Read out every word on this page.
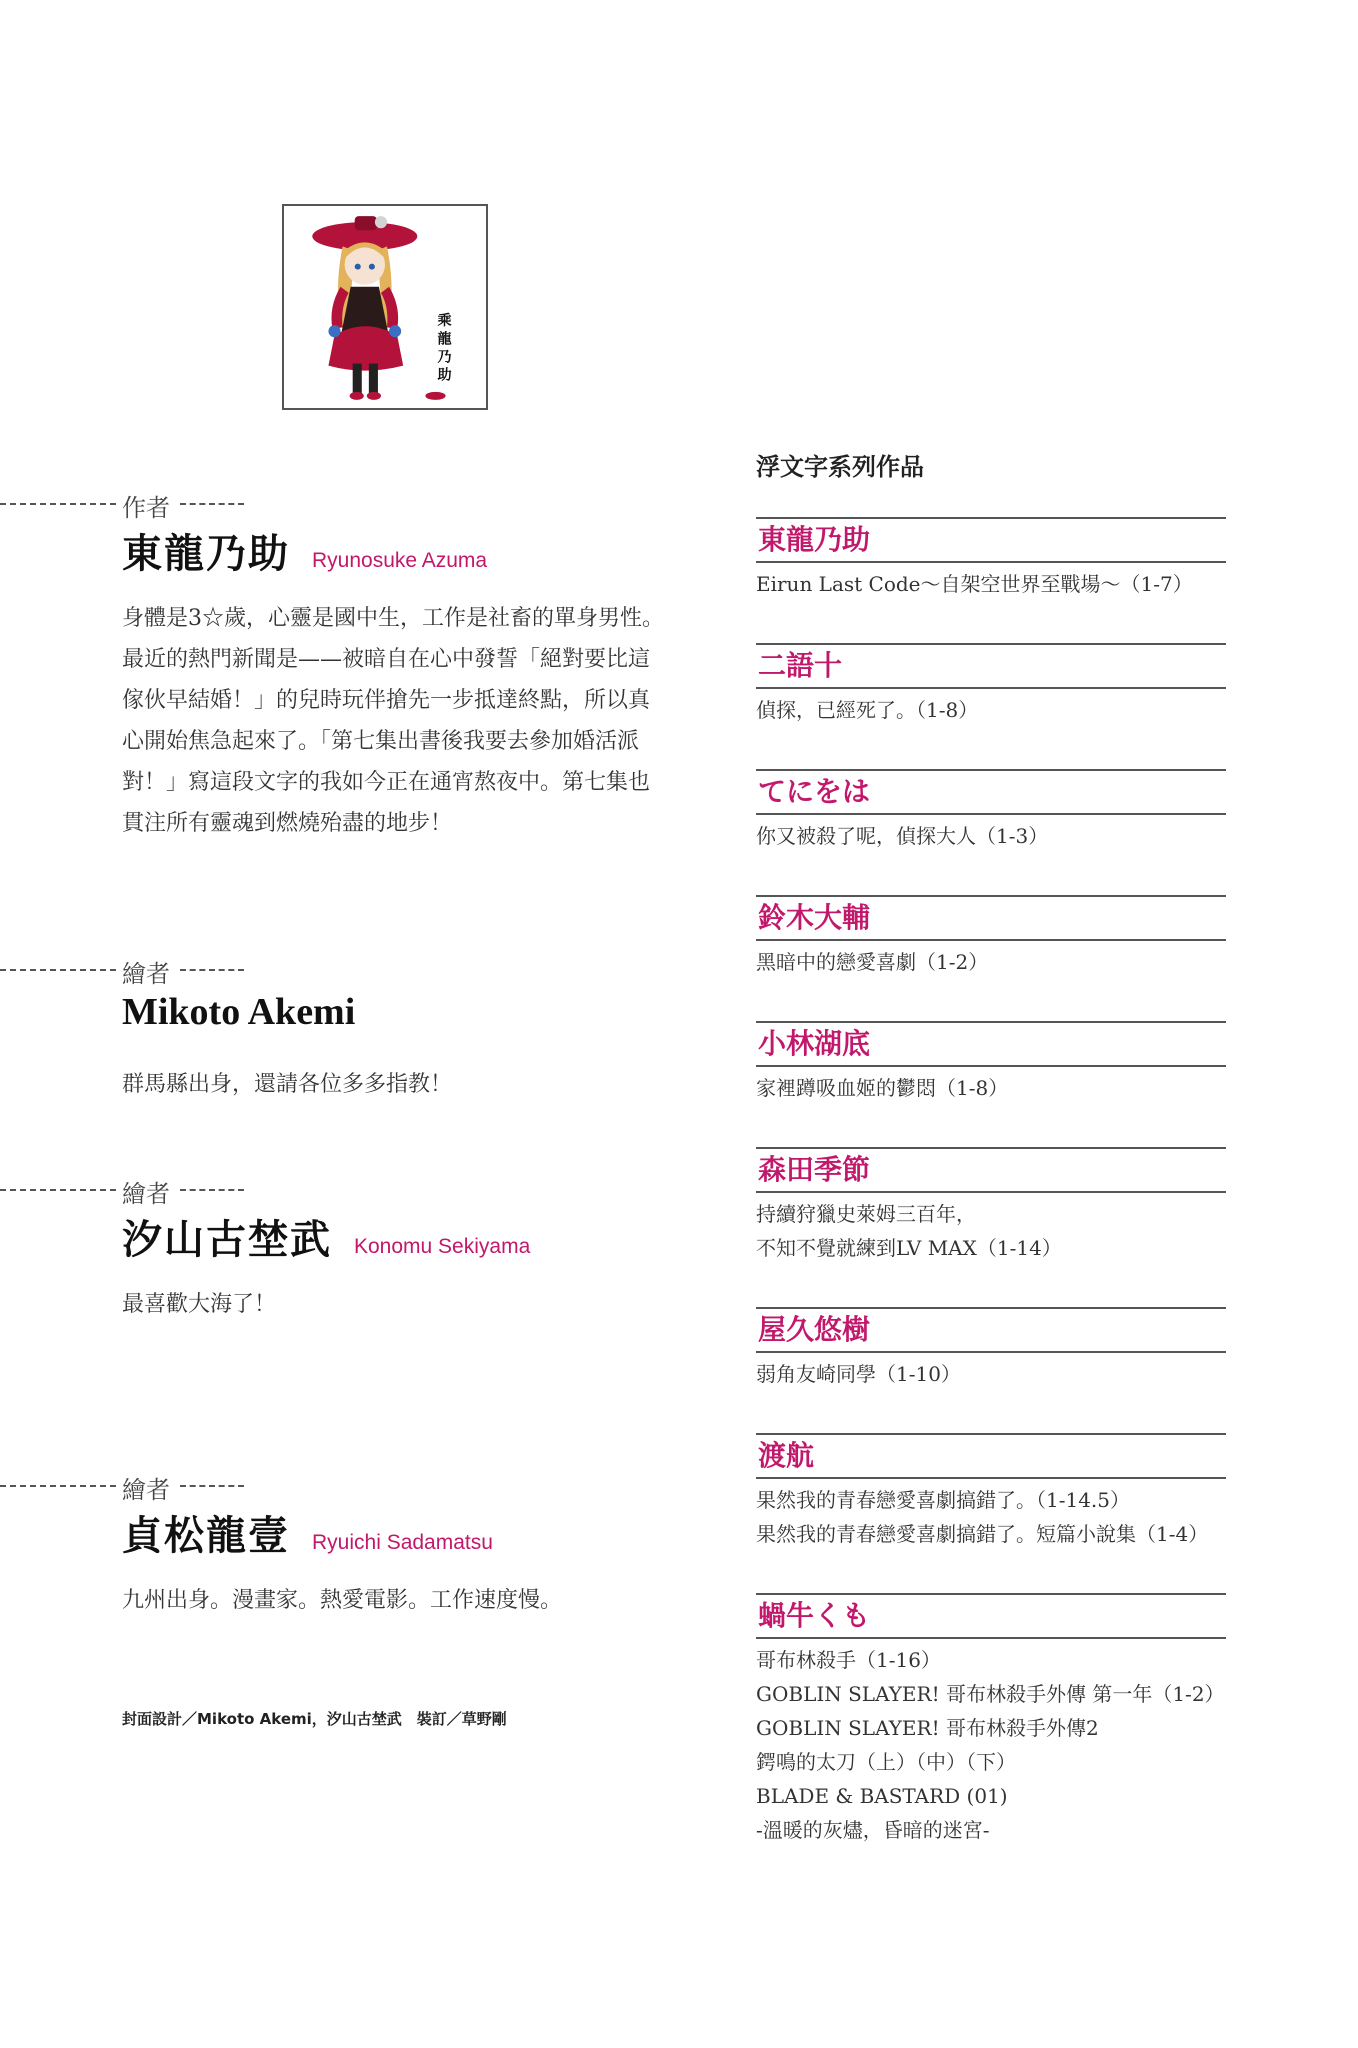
乘
龍
乃
助
作者
東龍乃助 Ryunosuke Azuma
身體是3☆歲，心靈是國中生，工作是社畜的單身男性。
最近的熱門新聞是——被暗自在心中發誓「絕對要比這
傢伙早結婚！」的兒時玩伴搶先一步抵達終點，所以真
心開始焦急起來了。「第七集出書後我要去參加婚活派
對！」寫這段文字的我如今正在通宵熬夜中。第七集也
貫注所有靈魂到燃燒殆盡的地步！
繪者
Mikoto Akemi
群馬縣出身，還請各位多多指教！
繪者
汐山古埜武 Konomu Sekiyama
最喜歡大海了！
繪者
貞松龍壹 Ryuichi Sadamatsu
九州出身。漫畫家。熱愛電影。工作速度慢。
封面設計／Mikoto Akemi，汐山古埜武　裝訂／草野剛
浮文字系列作品
東龍乃助
Eirun Last Code～自架空世界至戰場～（1-7）
二語十
偵探，已經死了。（1-8）
てにをは
你又被殺了呢，偵探大人（1-3）
鈴木大輔
黑暗中的戀愛喜劇（1-2）
小林湖底
家裡蹲吸血姬的鬱悶（1-8）
森田季節
持續狩獵史萊姆三百年，
不知不覺就練到LV MAX（1-14）
屋久悠樹
弱角友崎同學（1-10）
渡航
果然我的青春戀愛喜劇搞錯了。（1-14.5）
果然我的青春戀愛喜劇搞錯了。短篇小說集（1-4）
蝸牛くも
哥布林殺手（1-16）
GOBLIN SLAYER! 哥布林殺手外傳 第一年（1-2）
GOBLIN SLAYER! 哥布林殺手外傳2
鍔鳴的太刀（上）（中）（下）
BLADE & BASTARD (01)
-溫暖的灰燼，昏暗的迷宮-
